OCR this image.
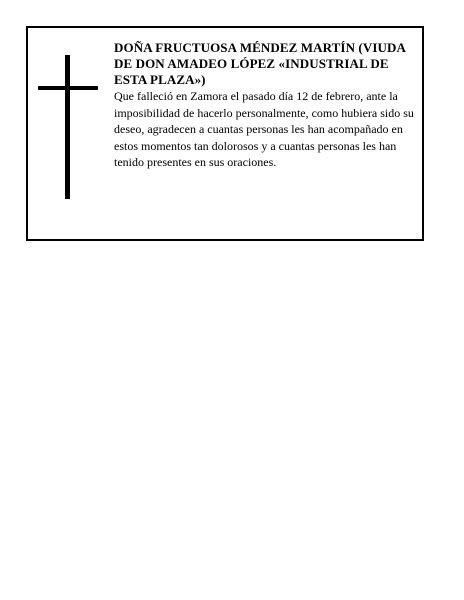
DOÑA FRUCTUOSA MÉNDEZ MARTÍN (VIUDA DE DON AMADEO LÓPEZ «INDUSTRIAL DE ESTA PLAZA»)

Que falleció en Zamora el pasado día 12 de febrero, ante la imposibilidad de hacerlo personalmente, como hubiera sido su deseo, agradecen a cuantas personas les han acompañado en estos momentos tan dolorosos y a cuantas personas les han tenido presentes en sus oraciones.
